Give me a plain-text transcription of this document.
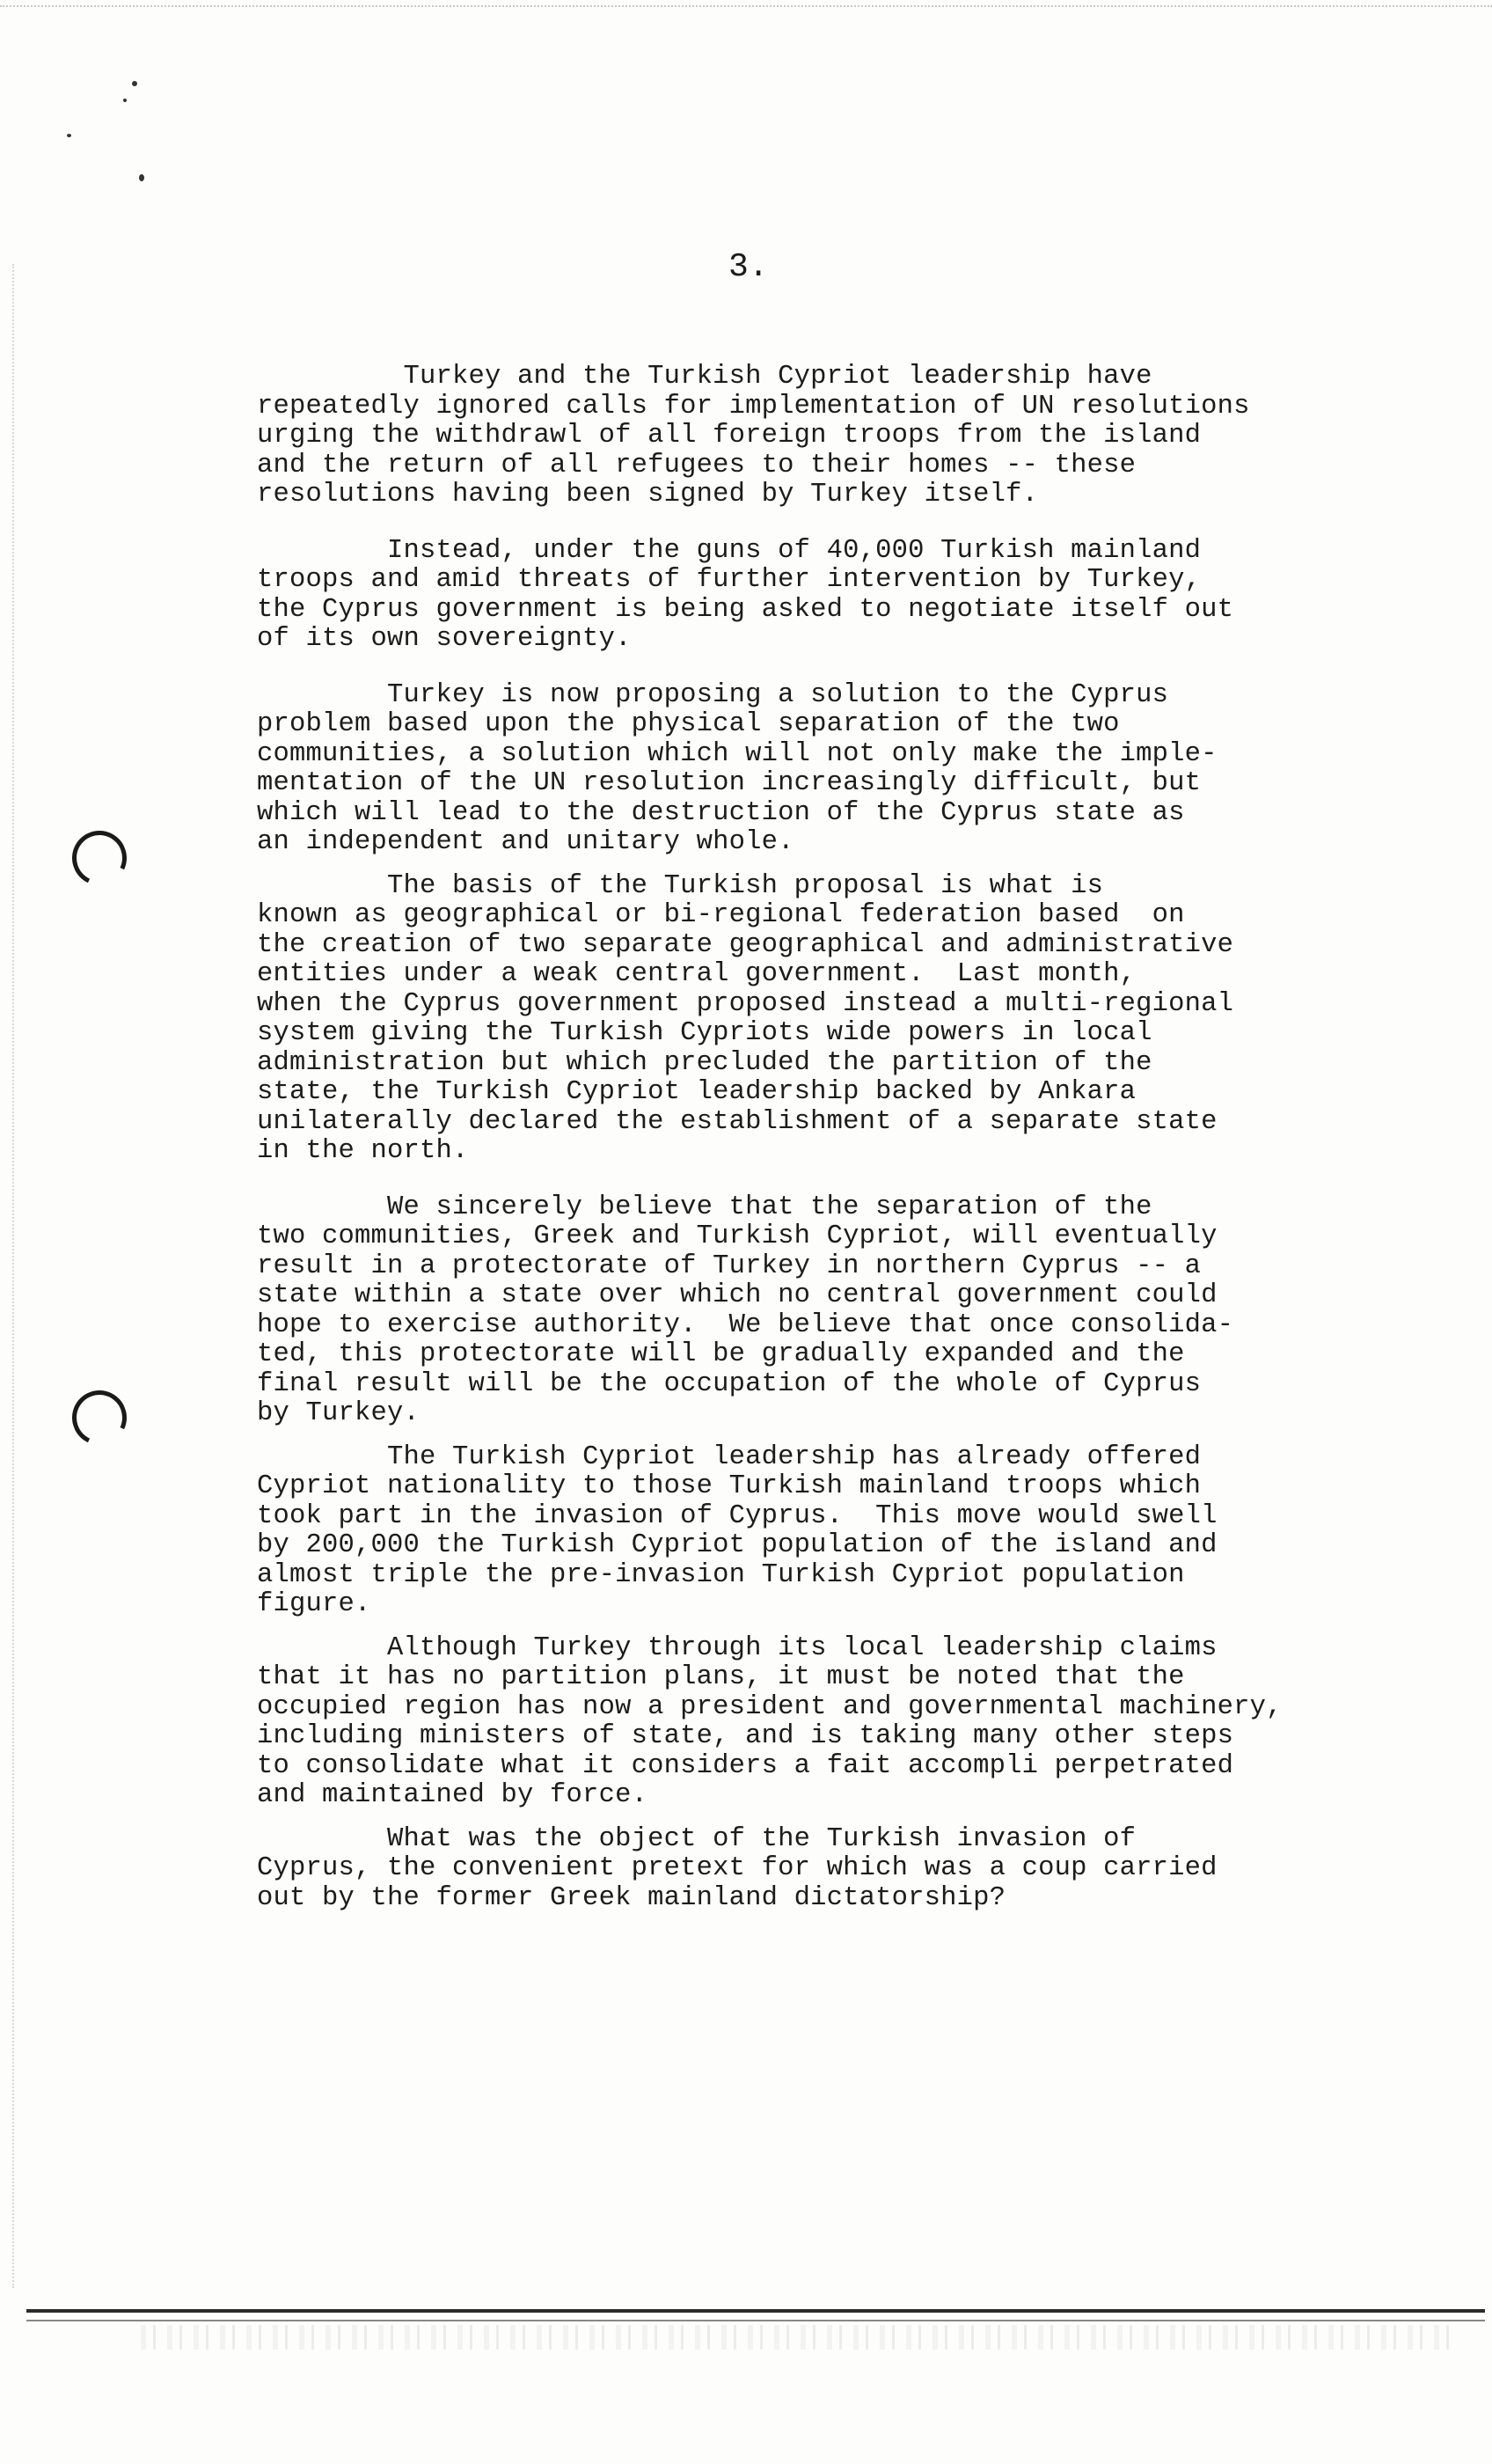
3.

Turkey and the Turkish Cypriot leadership have
repeatedly ignored calls for implementation of UN resolutions
urging the withdrawl of all foreign troops from the island
and the return of all refugees to their homes -- these
resolutions having been signed by Turkey itself.

Instead, under the guns of 40,000 Turkish mainland
troops and amid threats of further intervention by Turkey,
the Cyprus government is being asked to negotiate itself out
of its own sovereignty.

Turkey is now proposing a solution to the Cyprus
problem based upon the physical separation of the two
communities, a solution which will not only make the imple-
mentation of the UN resolution increasingly difficult, but
which will lead to the destruction of the Cyprus state as
an independent and unitary whole.

The basis of the Turkish proposal is what is
known as geographical or bi-regional federation based  on
the creation of two separate geographical and administrative
entities under a weak central government.  Last month,
when the Cyprus government proposed instead a multi-regional
system giving the Turkish Cypriots wide powers in local
administration but which precluded the partition of the
state, the Turkish Cypriot leadership backed by Ankara
unilaterally declared the establishment of a separate state
in the north.

We sincerely believe that the separation of the
two communities, Greek and Turkish Cypriot, will eventually
result in a protectorate of Turkey in northern Cyprus -- a
state within a state over which no central government could
hope to exercise authority.  We believe that once consolida-
ted, this protectorate will be gradually expanded and the
final result will be the occupation of the whole of Cyprus
by Turkey.

The Turkish Cypriot leadership has already offered
Cypriot nationality to those Turkish mainland troops which
took part in the invasion of Cyprus.  This move would swell
by 200,000 the Turkish Cypriot population of the island and
almost triple the pre-invasion Turkish Cypriot population
figure.

Although Turkey through its local leadership claims
that it has no partition plans, it must be noted that the
occupied region has now a president and governmental machinery,
including ministers of state, and is taking many other steps
to consolidate what it considers a fait accompli perpetrated
and maintained by force.

What was the object of the Turkish invasion of
Cyprus, the convenient pretext for which was a coup carried
out by the former Greek mainland dictatorship?
